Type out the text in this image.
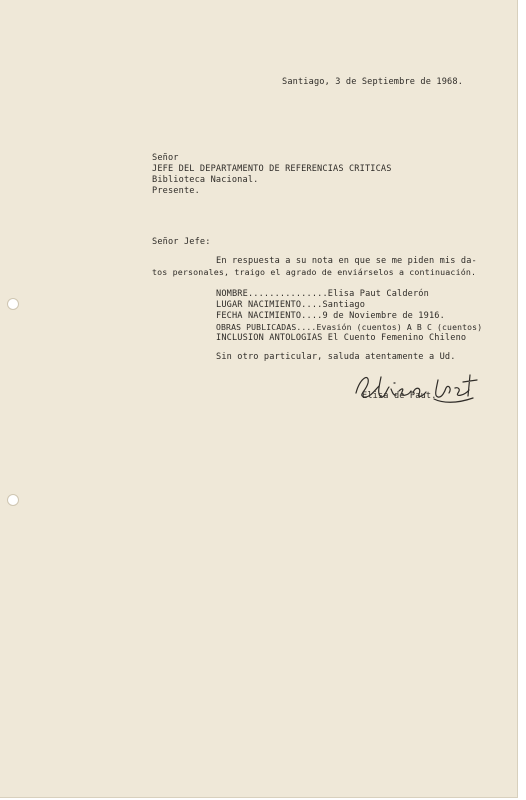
Santiago, 3 de Septiembre de 1968.
Señor
JEFE DEL DEPARTAMENTO DE REFERENCIAS CRITICAS
Biblioteca Nacional.
Presente.
Señor Jefe:
En respuesta a su nota en que se me piden mis da-
tos personales, traigo el agrado de enviárselos a continuación.
NOMBRE...............Elisa Paut Calderón
LUGAR NACIMIENTO....Santiago
FECHA NACIMIENTO....9 de Noviembre de 1916.
OBRAS PUBLICADAS....Evasión (cuentos) A B C (cuentos)
INCLUSION ANTOLOGIAS El Cuento Femenino Chileno
Sin otro particular, saluda atentamente a Ud.
Elisa de Paut.
